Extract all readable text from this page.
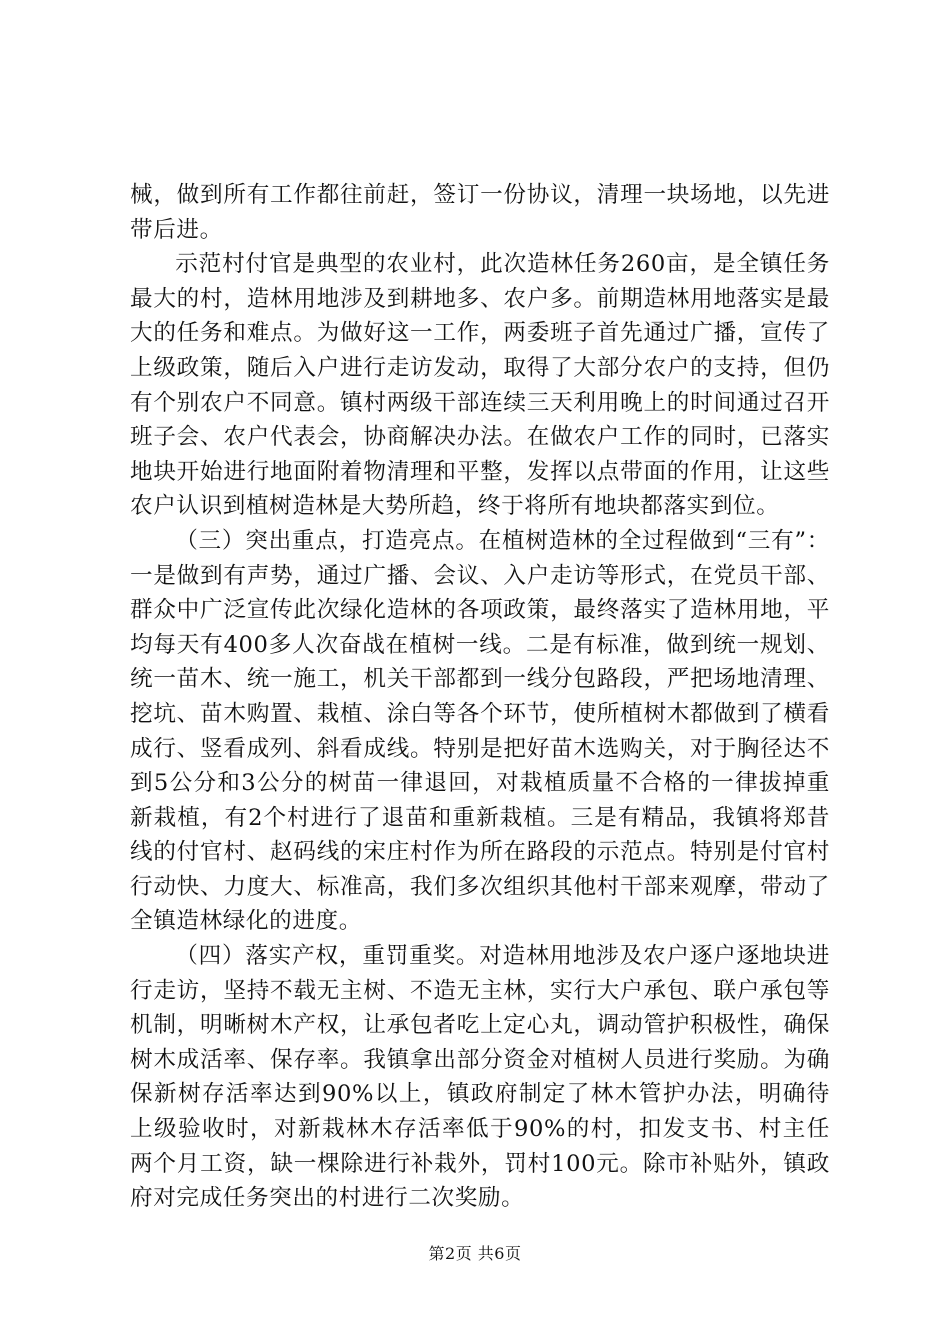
械，做到所有工作都往前赶，签订一份协议，清理一块场地，以先进带后进。

示范村付官是典型的农业村，此次造林任务260亩，是全镇任务最大的村，造林用地涉及到耕地多、农户多。前期造林用地落实是最大的任务和难点。为做好这一工作，两委班子首先通过广播，宣传了上级政策，随后入户进行走访发动，取得了大部分农户的支持，但仍有个别农户不同意。镇村两级干部连续三天利用晚上的时间通过召开班子会、农户代表会，协商解决办法。在做农户工作的同时，已落实地块开始进行地面附着物清理和平整，发挥以点带面的作用，让这些农户认识到植树造林是大势所趋，终于将所有地块都落实到位。

（三）突出重点，打造亮点。在植树造林的全过程做到“三有”：一是做到有声势，通过广播、会议、入户走访等形式，在党员干部、群众中广泛宣传此次绿化造林的各项政策，最终落实了造林用地，平均每天有400多人次奋战在植树一线。二是有标准，做到统一规划、统一苗木、统一施工，机关干部都到一线分包路段，严把场地清理、挖坑、苗木购置、栽植、涂白等各个环节，使所植树木都做到了横看成行、竖看成列、斜看成线。特别是把好苗木选购关，对于胸径达不到5公分和3公分的树苗一律退回，对栽植质量不合格的一律拔掉重新栽植，有2个村进行了退苗和重新栽植。三是有精品，我镇将郑昔线的付官村、赵码线的宋庄村作为所在路段的示范点。特别是付官村行动快、力度大、标准高，我们多次组织其他村干部来观摩，带动了全镇造林绿化的进度。

（四）落实产权，重罚重奖。对造林用地涉及农户逐户逐地块进行走访，坚持不载无主树、不造无主林，实行大户承包、联户承包等机制，明晰树木产权，让承包者吃上定心丸，调动管护积极性，确保树木成活率、保存率。我镇拿出部分资金对植树人员进行奖励。为确保新树存活率达到90%以上，镇政府制定了林木管护办法，明确待上级验收时，对新栽林木存活率低于90%的村，扣发支书、村主任两个月工资，缺一棵除进行补栽外，罚村100元。除市补贴外，镇政府对完成任务突出的村进行二次奖励。

第2页 共6页
